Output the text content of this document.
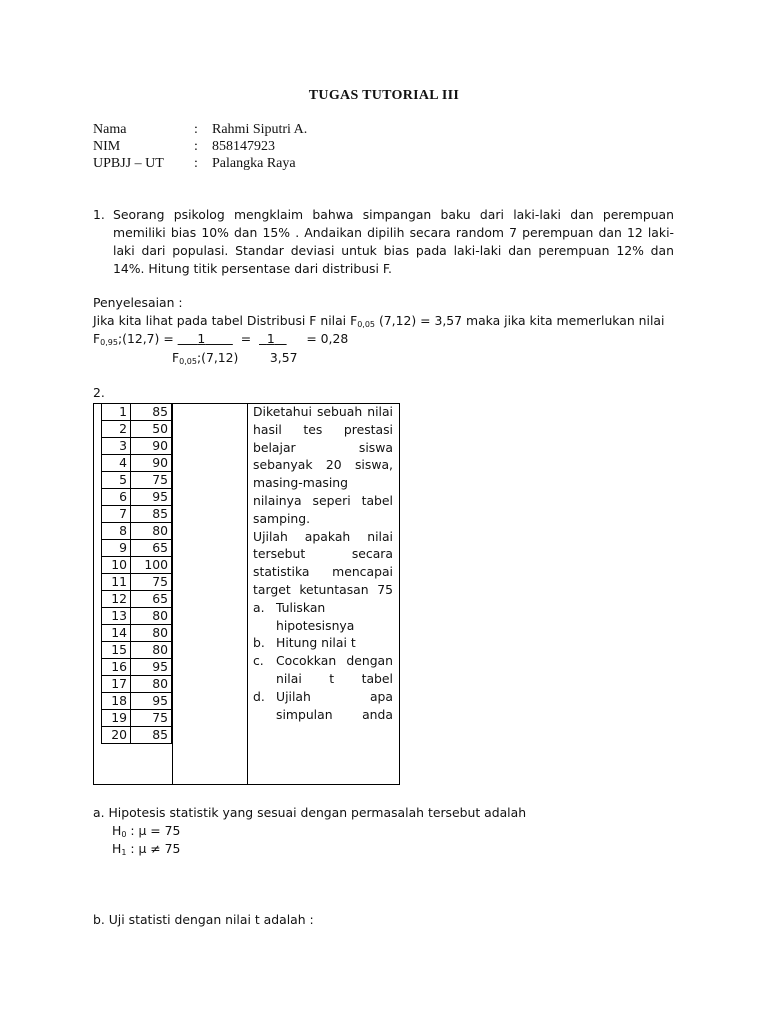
TUGAS TUTORIAL III
Nama	: Rahmi Siputri A.
NIM	: 858147923
UPBJJ – UT	: Palangka Raya
1. Seorang psikolog mengklaim bahwa simpangan baku dari laki-laki dan perempuan memiliki bias 10% dan 15% . Andaikan dipilih secara random 7 perempuan dan 12 laki-laki dari populasi. Standar deviasi untuk bias pada laki-laki dan perempuan 12% dan 14%. Hitung titik persentase dari distribusi F.
Penyelesaian :
Jika kita lihat pada tabel Distribusi F nilai $F_{0,05}$ (7,12) = 3,57 maka jika kita memerlukan nilai
$F_{0,95};(12,7)$ =      1	= 1	= 0,28
$F_{0,05};(7,12)$	3,57
2.
1	85
2	50
3	90
4	90
5	75
6	95
7	85
8	80
9	65
10	100
11	75
12	65
13	80
14	80
15	80
16	95
17	80
18	95
19	75
20	85

Diketahui sebuah nilai hasil tes prestasi belajar siswa sebanyak 20 siswa, masing-masing nilainya seperi tabel samping.

Ujilah apakah nilai tersebut secara statistika mencapai target ketuntasan 75

a. Tuliskan hipotesisnya
b. Hitung nilai t
c. Cocokkan dengan nilai t tabel
d. Ujilah apa simpulan anda
a. Hipotesis statistik yang sesuai dengan permasalah tersebut adalah
$H_0$ : μ = 75
$H_1$ : μ ≠ 75
b. Uji statisti dengan nilai t adalah :
